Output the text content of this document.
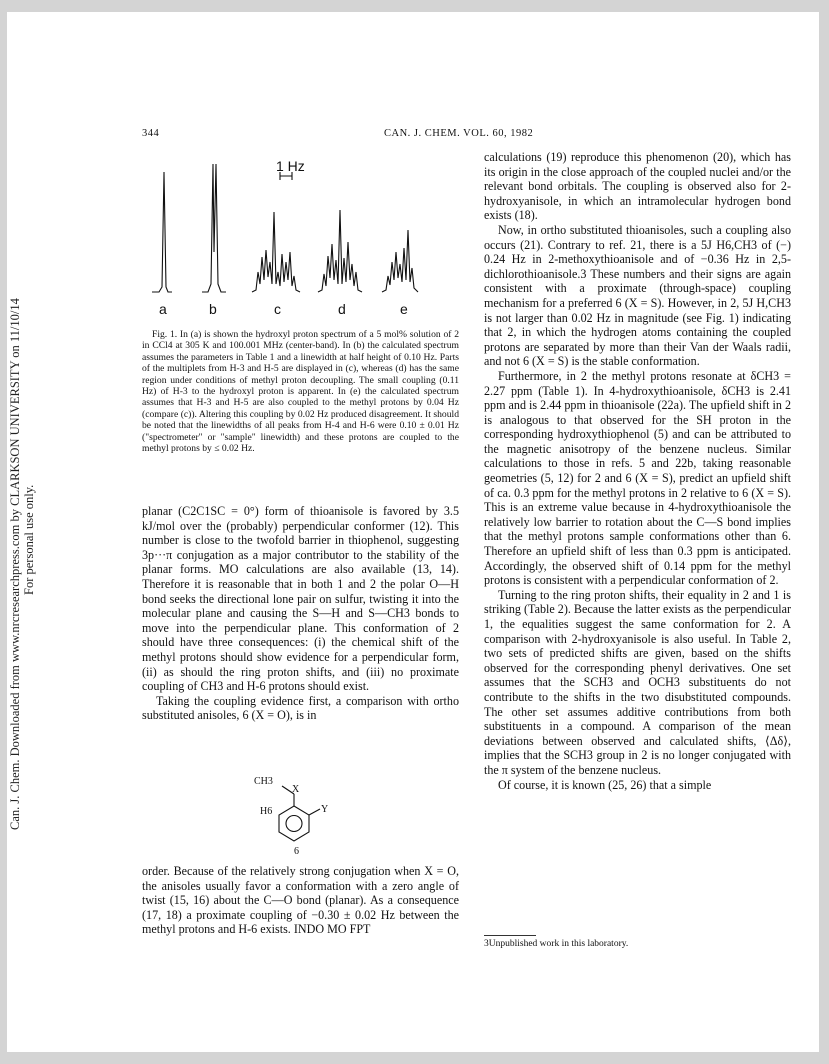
Can. J. Chem. Downloaded from www.nrcresearchpress.com by CLARKSON UNIVERSITY on 11/10/14 For personal use only.
344	CAN. J. CHEM. VOL. 60, 1982
a	b	c	d	e
1 Hz

Fig. 1. In (a) is shown the hydroxyl proton spectrum of a 5 mol% solution of 2 in CCl4 at 305 K and 100.001 MHz (center-band). In (b) the calculated spectrum assumes the parameters in Table 1 and a linewidth at half height of 0.10 Hz. Parts of the multiplets from H-3 and H-5 are displayed in (c), whereas (d) has the same region under conditions of methyl proton decoupling. The small coupling (0.11 Hz) of H-3 to the hydroxyl proton is apparent. In (e) the calculated spectrum assumes that H-3 and H-5 are also coupled to the methyl protons by 0.04 Hz (compare (c)). Altering this coupling by 0.02 Hz produced disagreement. It should be noted that the linewidths of all peaks from H-4 and H-6 were 0.10 ± 0.01 Hz ("spectrometer" or "sample" linewidth) and these protons are coupled to the methyl protons by ≤ 0.02 Hz.

planar (C2C1SC = 0°) form of thioanisole is favored by 3.5 kJ/mol over the (probably) perpendicular conformer (12). This number is close to the twofold barrier in thiophenol, suggesting 3p···π conjugation as a major contributor to the stability of the planar forms. MO calculations are also available (13, 14). Therefore it is reasonable that in both 1 and 2 the polar O—H bond seeks the directional lone pair on sulfur, twisting it into the molecular plane and causing the S—H and S—CH3 bonds to move into the perpendicular plane. This conformation of 2 should have three consequences: (i) the chemical shift of the methyl protons should show evidence for a perpendicular form, (ii) as should the ring proton shifts, and (iii) no proximate coupling of CH3 and H-6 protons should exist.

Taking the coupling evidence first, a comparison with ortho substituted anisoles, 6 (X = O), is in

CH3
X
H6	Y
6

order. Because of the relatively strong conjugation when X = O, the anisoles usually favor a conformation with a zero angle of twist (15, 16) about the C—O bond (planar). As a consequence (17, 18) a proximate coupling of −0.30 ± 0.02 Hz between the methyl protons and H-6 exists. INDO MO FPT

calculations (19) reproduce this phenomenon (20), which has its origin in the close approach of the coupled nuclei and/or the relevant bond orbitals. The coupling is observed also for 2-hydroxyanisole, in which an intramolecular hydrogen bond exists (18).

Now, in ortho substituted thioanisoles, such a coupling also occurs (21). Contrary to ref. 21, there is a 5J H6,CH3 of (−) 0.24 Hz in 2-methoxythioanisole and of −0.36 Hz in 2,5-dichlorothioanisole.3 These numbers and their signs are again consistent with a proximate (through-space) coupling mechanism for a preferred 6 (X = S). However, in 2, 5J H,CH3 is not larger than 0.02 Hz in magnitude (see Fig. 1) indicating that 2, in which the hydrogen atoms containing the coupled protons are separated by more than their Van der Waals radii, and not 6 (X = S) is the stable conformation.

Furthermore, in 2 the methyl protons resonate at δCH3 = 2.27 ppm (Table 1). In 4-hydroxythioanisole, δCH3 is 2.41 ppm and is 2.44 ppm in thioanisole (22a). The upfield shift in 2 is analogous to that observed for the SH proton in the corresponding hydroxythiophenol (5) and can be attributed to the magnetic anisotropy of the benzene nucleus. Similar calculations to those in refs. 5 and 22b, taking reasonable geometries (5, 12) for 2 and 6 (X = S), predict an upfield shift of ca. 0.3 ppm for the methyl protons in 2 relative to 6 (X = S). This is an extreme value because in 4-hydroxythioanisole the relatively low barrier to rotation about the C—S bond implies that the methyl protons sample conformations other than 6. Therefore an upfield shift of less than 0.3 ppm is anticipated. Accordingly, the observed shift of 0.14 ppm for the methyl protons is consistent with a perpendicular conformation of 2.

Turning to the ring proton shifts, their equality in 2 and 1 is striking (Table 2). Because the latter exists as the perpendicular 1, the equalities suggest the same conformation for 2. A comparison with 2-hydroxyanisole is also useful. In Table 2, two sets of predicted shifts are given, based on the shifts observed for the corresponding phenyl derivatives. One set assumes that the SCH3 and OCH3 substituents do not contribute to the shifts in the two disubstituted compounds. The other set assumes additive contributions from both substituents in a compound. A comparison of the mean deviations between observed and calculated shifts, ⟨Δδ⟩, implies that the SCH3 group in 2 is no longer conjugated with the π system of the benzene nucleus.

Of course, it is known (25, 26) that a simple

3Unpublished work in this laboratory.
